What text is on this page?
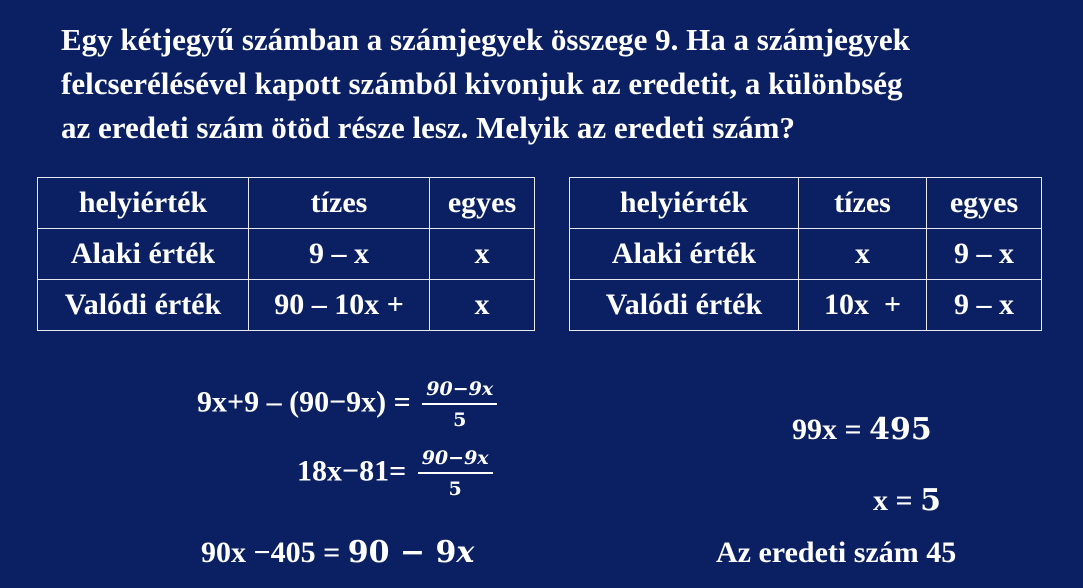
Egy kétjegyű számban a számjegyek összege 9. Ha a számjegyek
felcserélésével kapott számból kivonjuk az eredetit, a különbség
az eredeti szám ötöd része lesz. Melyik az eredeti szám?
helyiérték	tízes	egyes
Alaki érték	9 – x	x
Valódi érték	90 – 10x +	x
helyiérték	tízes	egyes
Alaki érték	x	9 – x
Valódi érték	10x  +	9 – x
$9x+9 - (90-9x) = \frac{90-9x}{5}$
$18x-81= \frac{90-9x}{5}$
90x −405 = 90 − 9x
99x = 495
x = 5
Az eredeti szám 45
